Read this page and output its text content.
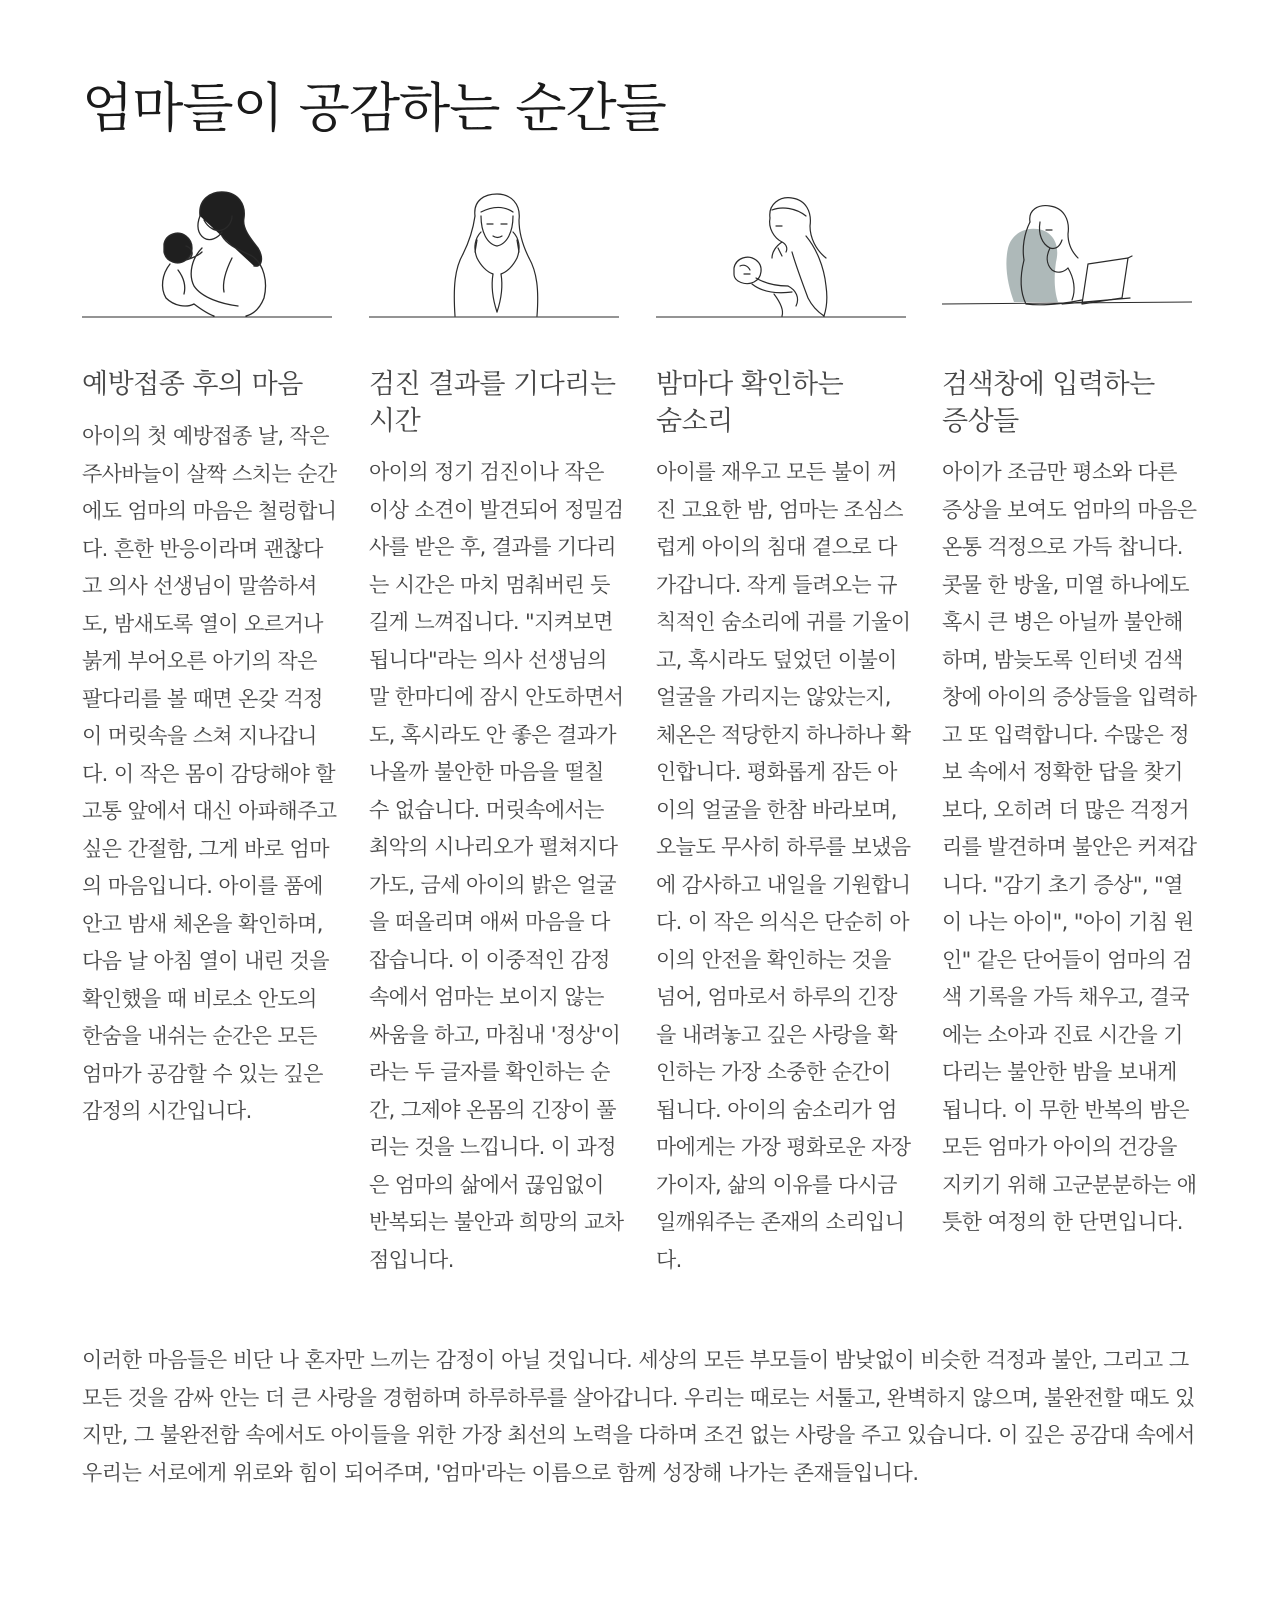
엄마들이 공감하는 순간들
예방접종 후의 마음

아이의 첫 예방접종 날, 작은 주사바늘이 살짝 스치는 순간에도 엄마의 마음은 철렁합니다. 흔한 반응이라며 괜찮다고 의사 선생님이 말씀하셔도, 밤새도록 열이 오르거나 붉게 부어오른 아기의 작은 팔다리를 볼 때면 온갖 걱정이 머릿속을 스쳐 지나갑니다. 이 작은 몸이 감당해야 할 고통 앞에서 대신 아파해주고 싶은 간절함, 그게 바로 엄마의 마음입니다. 아이를 품에 안고 밤새 체온을 확인하며, 다음 날 아침 열이 내린 것을 확인했을 때 비로소 안도의 한숨을 내쉬는 순간은 모든 엄마가 공감할 수 있는 깊은 감정의 시간입니다.

검진 결과를 기다리는 시간

아이의 정기 검진이나 작은 이상 소견이 발견되어 정밀검사를 받은 후, 결과를 기다리는 시간은 마치 멈춰버린 듯 길게 느껴집니다. "지켜보면 됩니다"라는 의사 선생님의 말 한마디에 잠시 안도하면서도, 혹시라도 안 좋은 결과가 나올까 불안한 마음을 떨칠 수 없습니다. 머릿속에서는 최악의 시나리오가 펼쳐지다가도, 금세 아이의 밝은 얼굴을 떠올리며 애써 마음을 다잡습니다. 이 이중적인 감정 속에서 엄마는 보이지 않는 싸움을 하고, 마침내 '정상'이라는 두 글자를 확인하는 순간, 그제야 온몸의 긴장이 풀리는 것을 느낍니다. 이 과정은 엄마의 삶에서 끊임없이 반복되는 불안과 희망의 교차점입니다.

밤마다 확인하는 숨소리

아이를 재우고 모든 불이 꺼진 고요한 밤, 엄마는 조심스럽게 아이의 침대 곁으로 다가갑니다. 작게 들려오는 규칙적인 숨소리에 귀를 기울이고, 혹시라도 덮었던 이불이 얼굴을 가리지는 않았는지, 체온은 적당한지 하나하나 확인합니다. 평화롭게 잠든 아이의 얼굴을 한참 바라보며, 오늘도 무사히 하루를 보냈음에 감사하고 내일을 기원합니다. 이 작은 의식은 단순히 아이의 안전을 확인하는 것을 넘어, 엄마로서 하루의 긴장을 내려놓고 깊은 사랑을 확인하는 가장 소중한 순간이 됩니다. 아이의 숨소리가 엄마에게는 가장 평화로운 자장가이자, 삶의 이유를 다시금 일깨워주는 존재의 소리입니다.

검색창에 입력하는 증상들

아이가 조금만 평소와 다른 증상을 보여도 엄마의 마음은 온통 걱정으로 가득 찹니다. 콧물 한 방울, 미열 하나에도 혹시 큰 병은 아닐까 불안해하며, 밤늦도록 인터넷 검색창에 아이의 증상들을 입력하고 또 입력합니다. 수많은 정보 속에서 정확한 답을 찾기보다, 오히려 더 많은 걱정거리를 발견하며 불안은 커져갑니다. "감기 초기 증상", "열이 나는 아이", "아이 기침 원인" 같은 단어들이 엄마의 검색 기록을 가득 채우고, 결국에는 소아과 진료 시간을 기다리는 불안한 밤을 보내게 됩니다. 이 무한 반복의 밤은 모든 엄마가 아이의 건강을 지키기 위해 고군분분하는 애틋한 여정의 한 단면입니다.

이러한 마음들은 비단 나 혼자만 느끼는 감정이 아닐 것입니다. 세상의 모든 부모들이 밤낮없이 비슷한 걱정과 불안, 그리고 그 모든 것을 감싸 안는 더 큰 사랑을 경험하며 하루하루를 살아갑니다. 우리는 때로는 서툴고, 완벽하지 않으며, 불완전할 때도 있지만, 그 불완전함 속에서도 아이들을 위한 가장 최선의 노력을 다하며 조건 없는 사랑을 주고 있습니다. 이 깊은 공감대 속에서 우리는 서로에게 위로와 힘이 되어주며, '엄마'라는 이름으로 함께 성장해 나가는 존재들입니다.
